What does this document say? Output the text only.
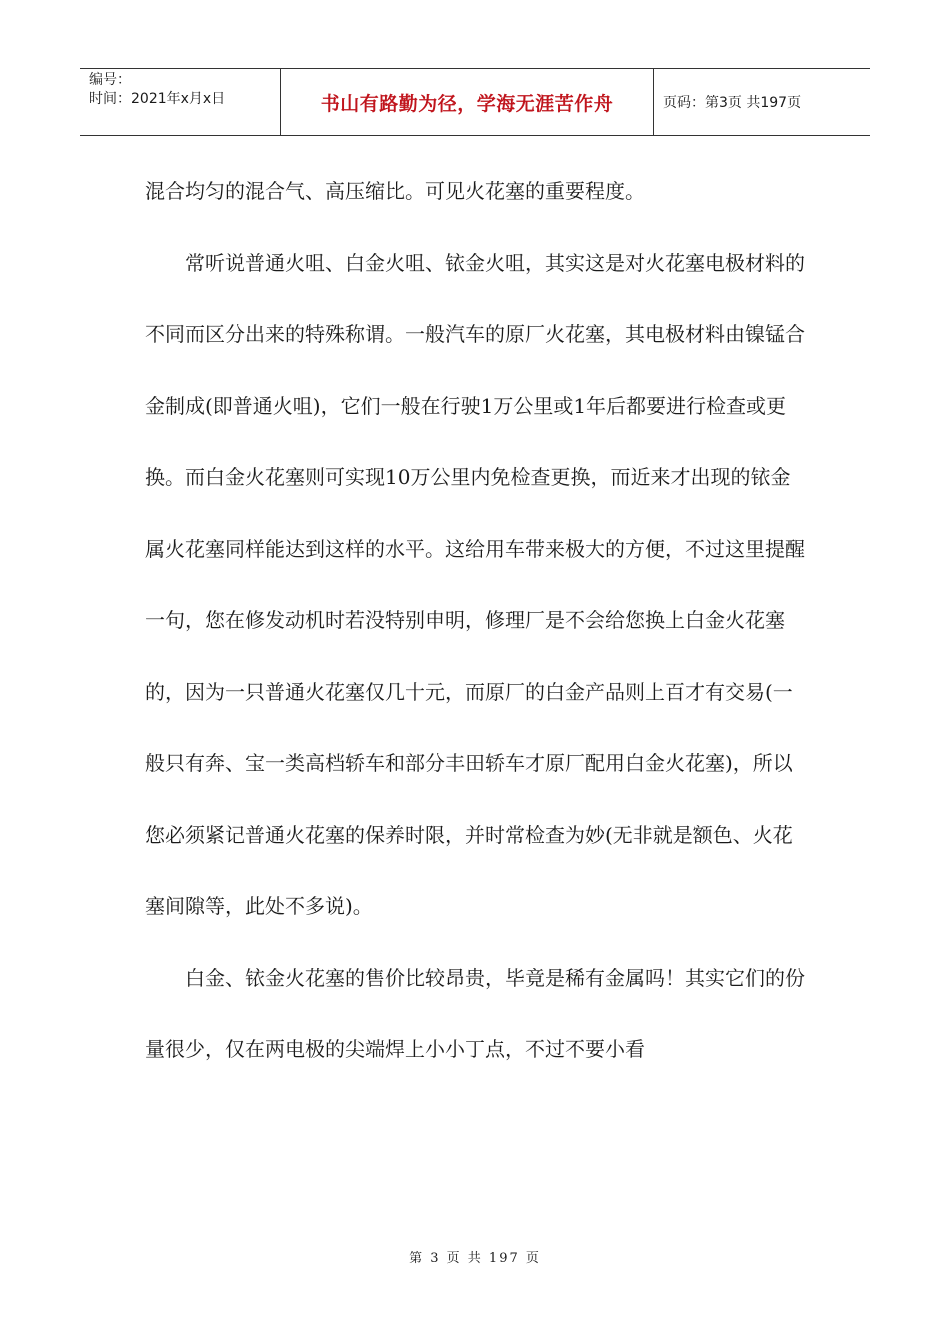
编号：
时间：2021年x月x日	书山有路勤为径，学海无涯苦作舟	页码：第3页 共197页

混合均匀的混合气、高压缩比。可见火花塞的重要程度。

常听说普通火咀、白金火咀、铱金火咀，其实这是对火花塞电极材料的不同而区分出来的特殊称谓。一般汽车的原厂火花塞，其电极材料由镍锰合金制成(即普通火咀)，它们一般在行驶1万公里或1年后都要进行检查或更换。而白金火花塞则可实现10万公里内免检查更换，而近来才出现的铱金属火花塞同样能达到这样的水平。这给用车带来极大的方便，不过这里提醒一句，您在修发动机时若没特别申明，修理厂是不会给您换上白金火花塞的，因为一只普通火花塞仅几十元，而原厂的白金产品则上百才有交易(一般只有奔、宝一类高档轿车和部分丰田轿车才原厂配用白金火花塞)，所以您必须紧记普通火花塞的保养时限，并时常检查为妙(无非就是额色、火花塞间隙等，此处不多说)。

白金、铱金火花塞的售价比较昂贵，毕竟是稀有金属吗！其实它们的份量很少，仅在两电极的尖端焊上小小丁点，不过不要小看

第 3 页 共 197 页
